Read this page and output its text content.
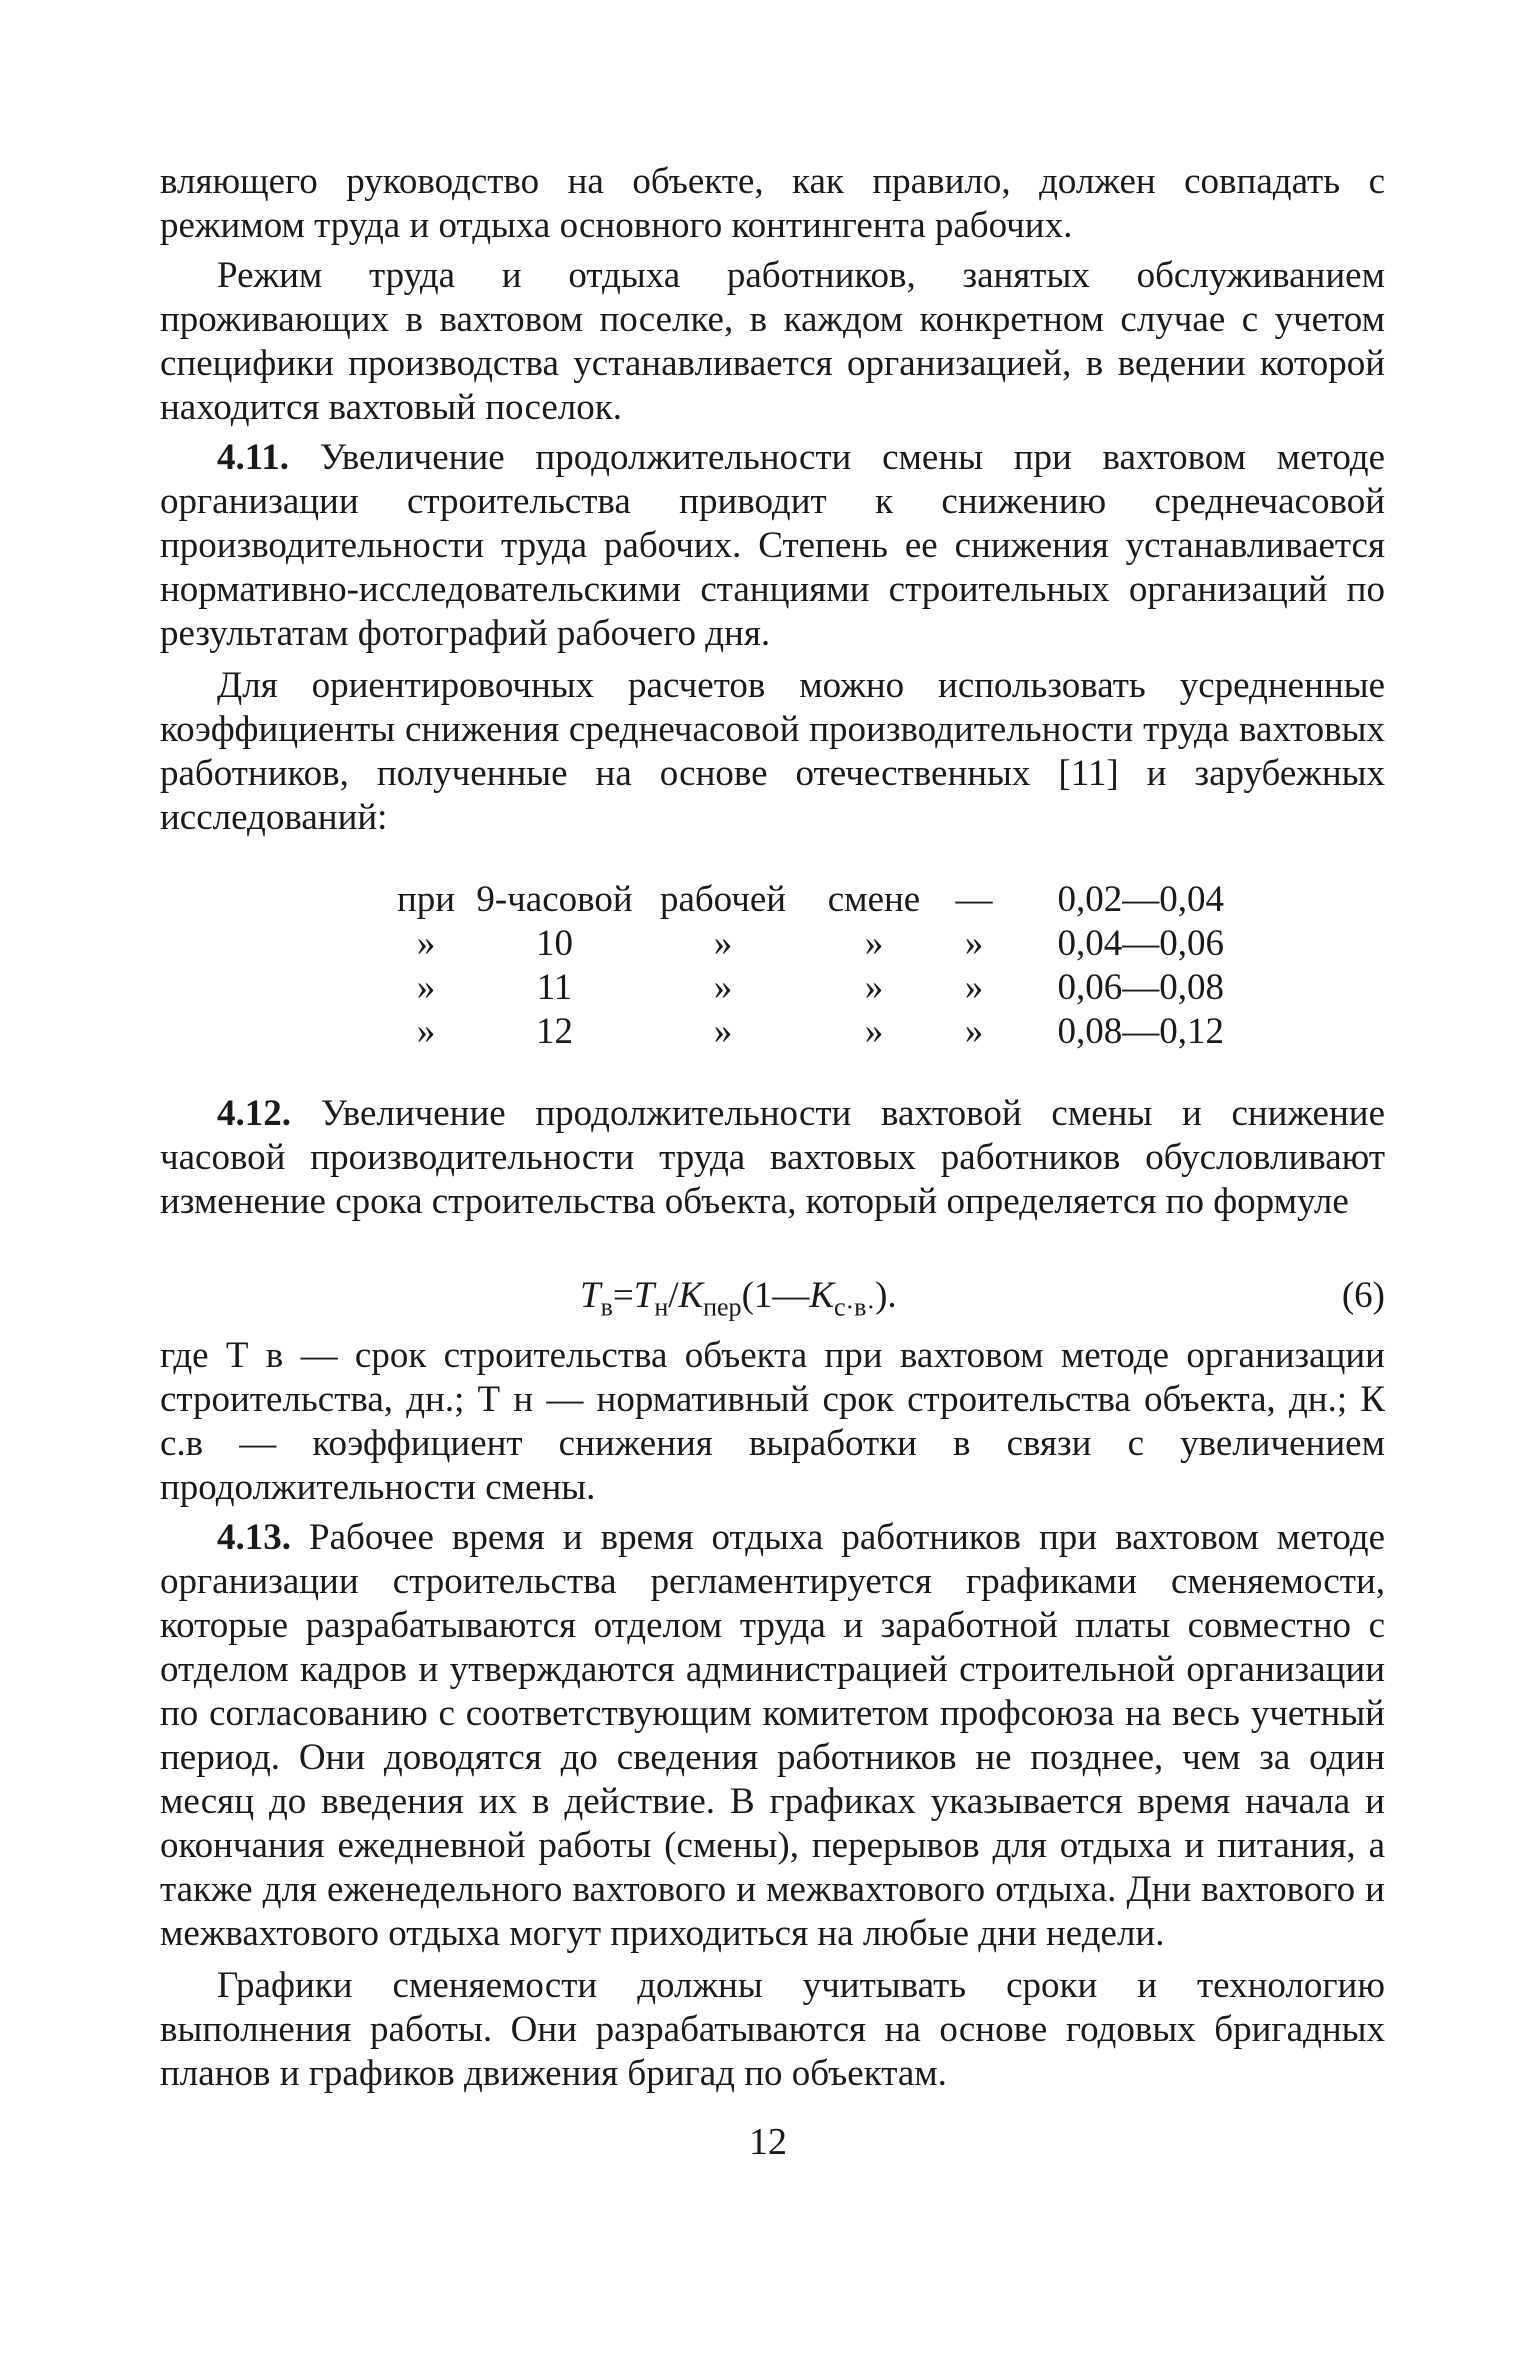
вляющего руководство на объекте, как правило, должен совпадать с режимом труда и отдыха основного контингента рабочих.

Режим труда и отдыха работников, занятых обслуживанием проживающих в вахтовом поселке, в каждом конкретном случае с учетом специфики производства устанавливается организацией, в ведении которой находится вахтовый поселок.

4.11. Увеличение продолжительности смены при вахтовом методе организации строительства приводит к снижению среднечасовой производительности труда рабочих. Степень ее снижения устанавливается нормативно-исследовательскими станциями строительных организаций по результатам фотографий рабочего дня.

Для ориентировочных расчетов можно использовать усредненные коэффициенты снижения среднечасовой производительности труда вахтовых работников, полученные на основе отечественных [11] и зарубежных исследований:

при	9-часовой	рабочей	смене	—	0,02—0,04
»	10	»	»	»	0,04—0,06
»	11	»	»	»	0,06—0,08
»	12	»	»	»	0,08—0,12

4.12. Увеличение продолжительности вахтовой смены и снижение часовой производительности труда вахтовых работников обусловливают изменение срока строительства объекта, который определяется по формуле

$Т_в=Т_н/К_{пер}(1—К_{с\cdot в\cdot})$.	(6)

где Т в — срок строительства объекта при вахтовом методе организации строительства, дн.; Т н — нормативный срок строительства объекта, дн.; К с.в — коэффициент снижения выработки в связи с увеличением продолжительности смены.

4.13. Рабочее время и время отдыха работников при вахтовом методе организации строительства регламентируется графиками сменяемости, которые разрабатываются отделом труда и заработной платы совместно с отделом кадров и утверждаются администрацией строительной организации по согласованию с соответствующим комитетом профсоюза на весь учетный период. Они доводятся до сведения работников не позднее, чем за один месяц до введения их в действие. В графиках указывается время начала и окончания ежедневной работы (смены), перерывов для отдыха и питания, а также для еженедельного вахтового и межвахтового отдыха. Дни вахтового и межвахтового отдыха могут приходиться на любые дни недели.

Графики сменяемости должны учитывать сроки и технологию выполнения работы. Они разрабатываются на основе годовых бригадных планов и графиков движения бригад по объектам.

12
